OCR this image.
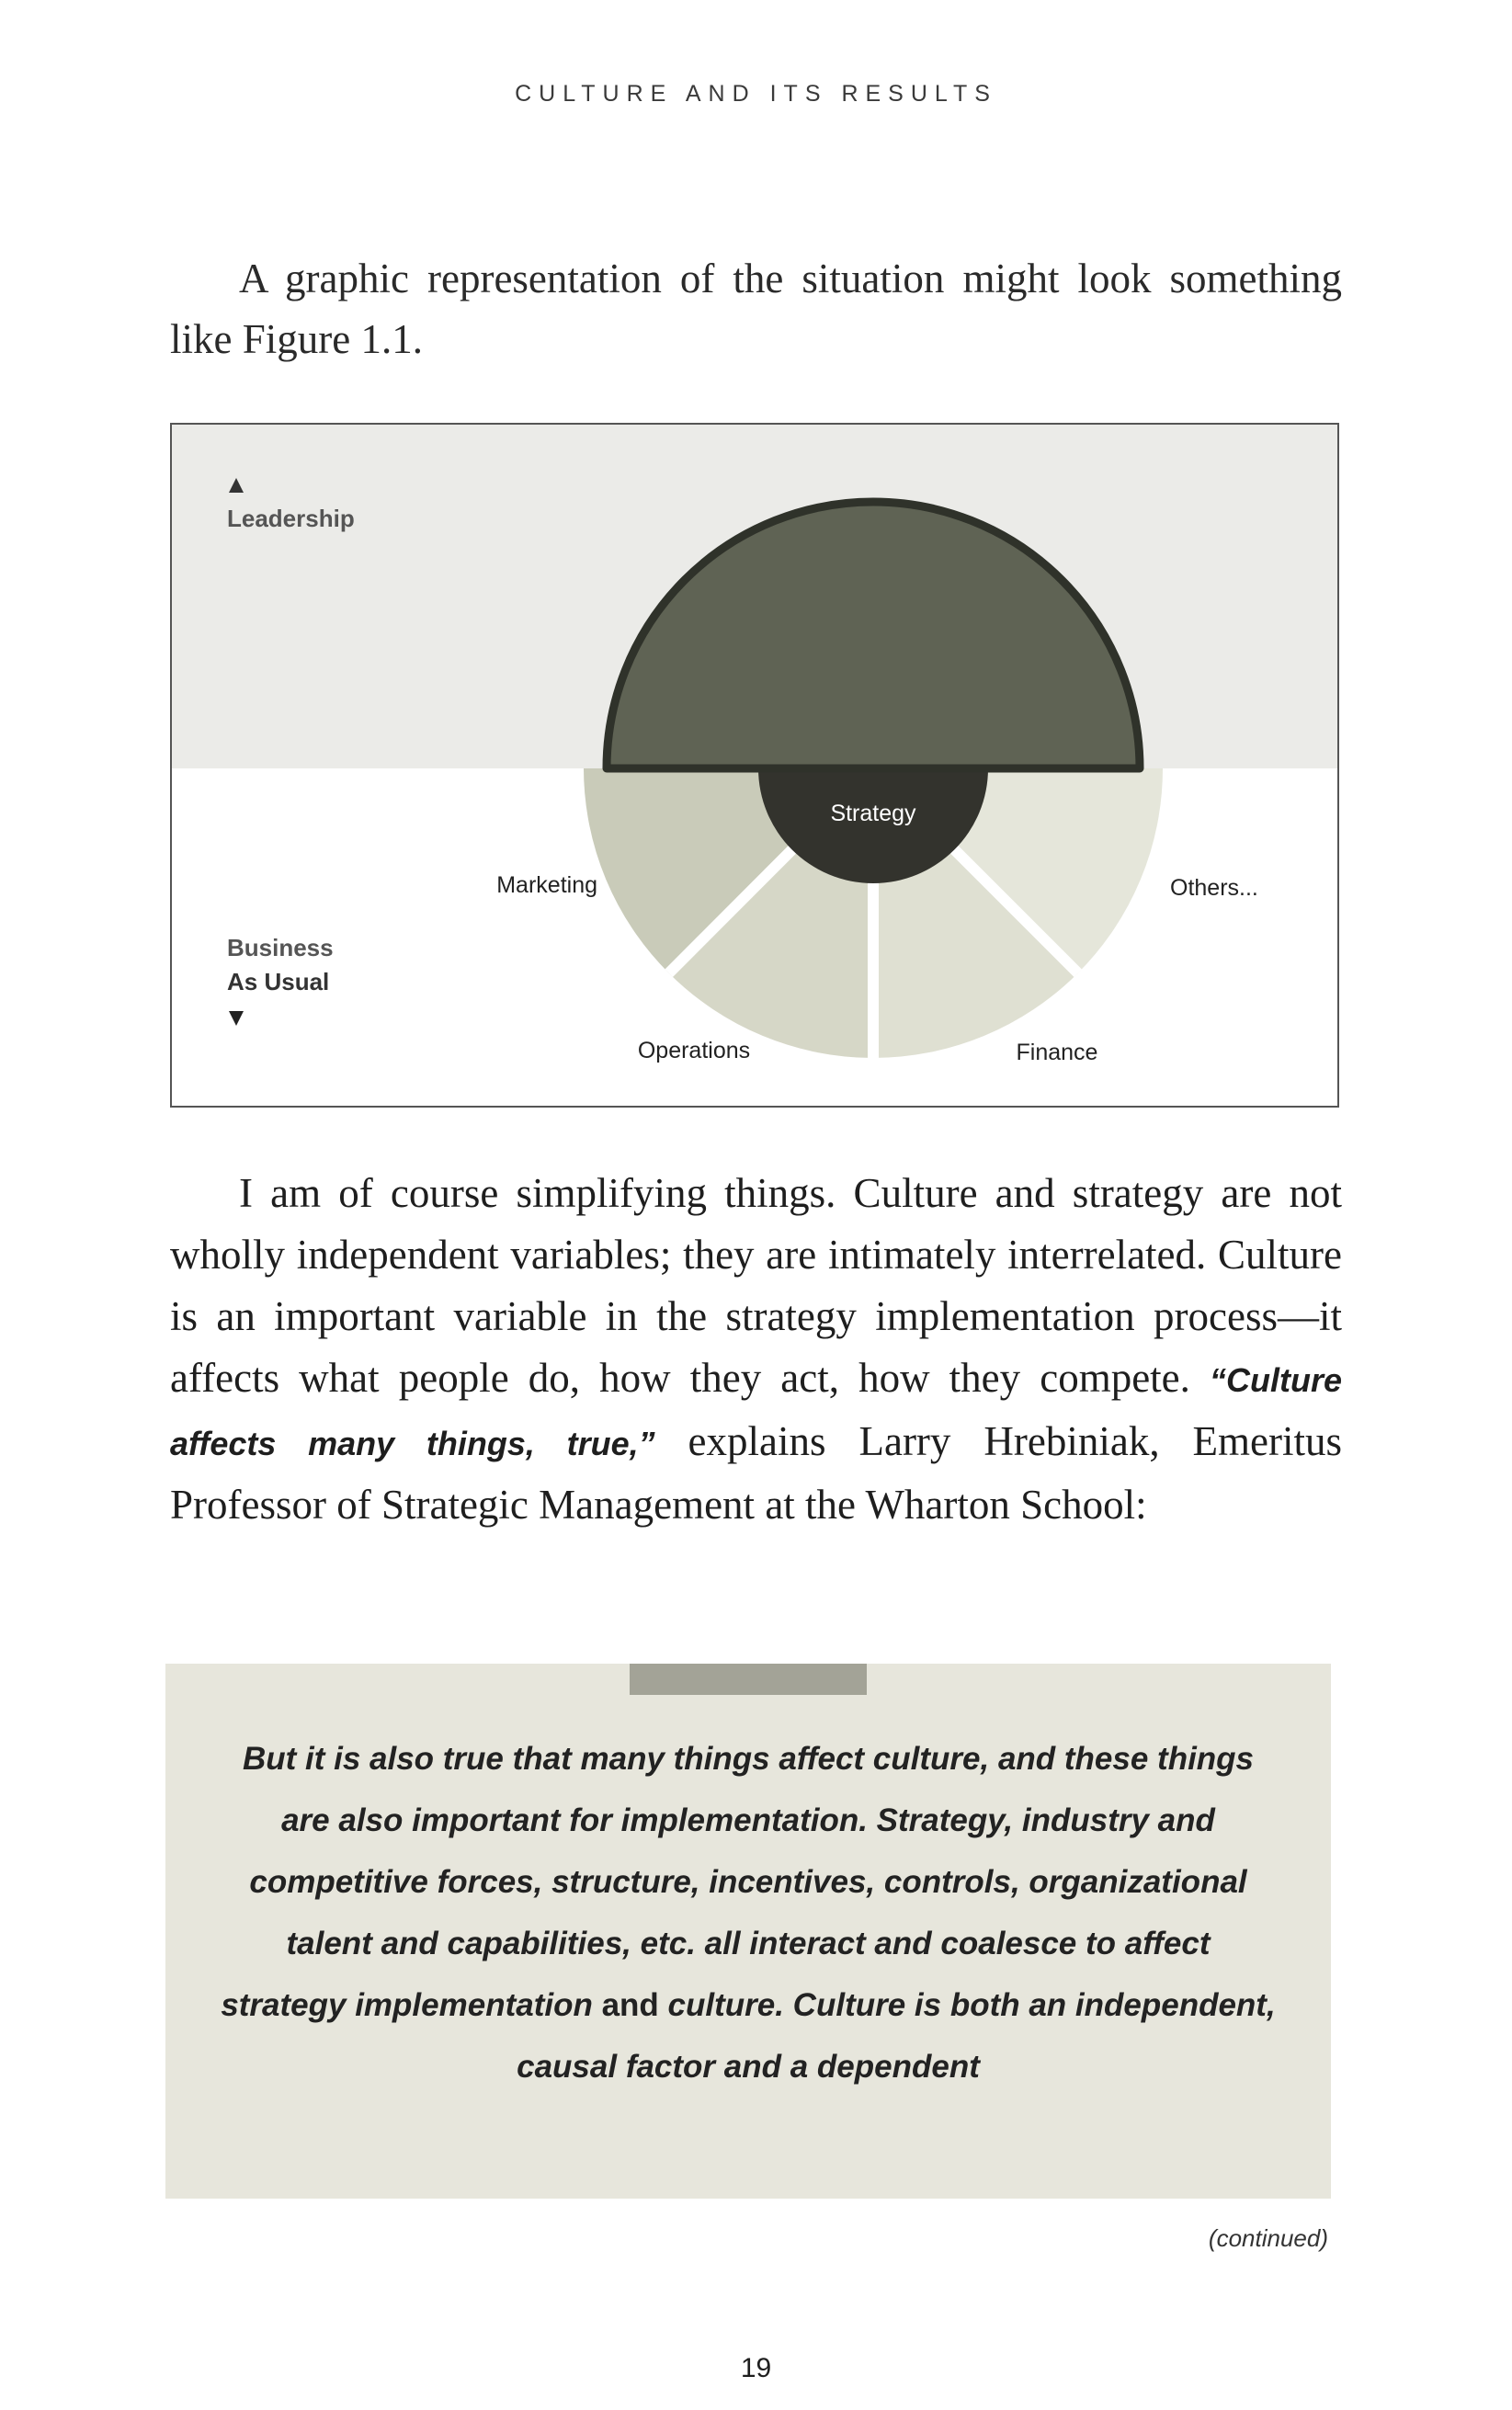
CULTURE AND ITS RESULTS

A graphic representation of the situation might look something like Figure 1.1.

Leadership
Business
As Usual
Strategy
Marketing
Operations	Finance
Others...

I am of course simplifying things. Culture and strategy are not wholly independent variables; they are intimately interrelated. Culture is an important variable in the strategy implementation process—it affects what people do, how they act, how they compete. “Culture affects many things, true,” explains Larry Hrebiniak, Emeritus Professor of Strategic Management at the Wharton School:

But it is also true that many things affect culture, and these things are also important for implementation. Strategy, industry and competitive forces, structure, incentives, controls, organizational talent and capabilities, etc. all interact and coalesce to affect strategy implementation and culture. Culture is both an independent, causal factor and a dependent

(continued)
19
